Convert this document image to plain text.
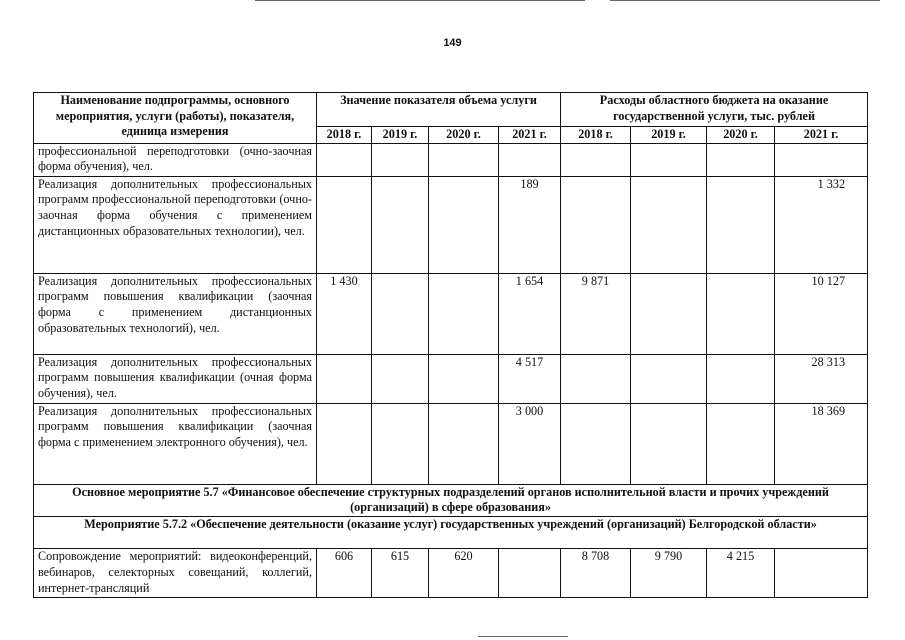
149
Наименование подпрограммы, основного мероприятия, услуги (работы), показателя, единица измерения	Значение показателя объема услуги				Расходы областного бюджета на оказание государственной услуги, тыс. рублей			
	2018 г.	2019 г.	2020 г.	2021 г.	2018 г.	2019 г.	2020 г.	2021 г.
профессиональной переподготовки (очно-заочная форма обучения), чел.								
Реализация дополнительных профессиональных программ профессиональной переподготовки (очно-заочная форма обучения с применением дистанционных образовательных технологии), чел.				189				1 332
Реализация дополнительных профессиональных программ повышения квалификации (заочная форма с применением дистанционных образовательных технологий), чел.	1 430			1 654	9 871			10 127
Реализация дополнительных профессиональных программ повышения квалификации (очная форма обучения), чел.				4 517				28 313
Реализация дополнительных профессиональных программ повышения квалификации (заочная форма с применением электронного обучения), чел.				3 000				18 369
Основное мероприятие 5.7 «Финансовое обеспечение структурных подразделений органов исполнительной власти и прочих учреждений (организаций) в сфере образования»								
Мероприятие 5.7.2 «Обеспечение деятельности (оказание услуг) государственных учреждений (организаций) Белгородской области»								
Сопровождение мероприятий: видеоконференций, вебинаров, селекторных совещаний, коллегий, интернет-трансляций	606	615	620		8 708	9 790	4 215	
